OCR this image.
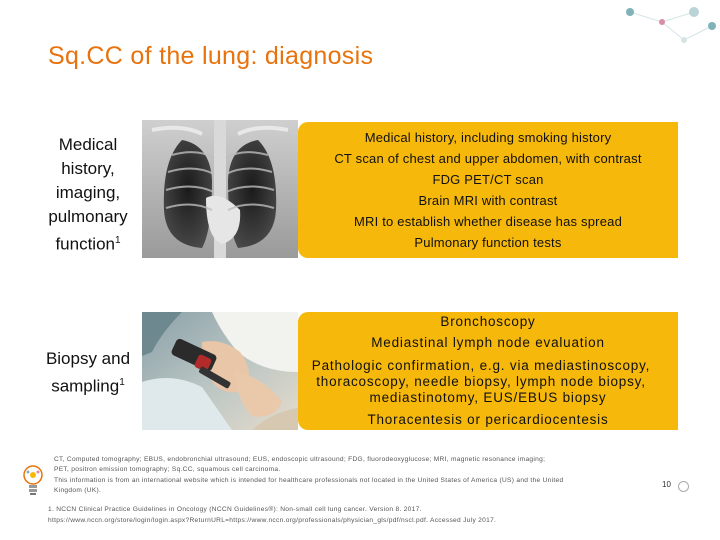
Sq.CC of the lung: diagnosis
Medical
history,
imaging,
pulmonary
function$^1$
Medical history, including smoking history
CT scan of chest and upper abdomen, with contrast
FDG PET/CT scan
Brain MRI with contrast
MRI to establish whether disease has spread
Pulmonary function tests
Biopsy and
sampling$^1$
Bronchoscopy
Mediastinal lymph node evaluation
Pathologic confirmation, e.g. via mediastinoscopy,
thoracoscopy, needle biopsy, lymph node biopsy,
mediastinotomy, EUS/EBUS biopsy
Thoracentesis or pericardiocentesis
CT, Computed tomography; EBUS, endobronchial ultrasound; EUS, endoscopic ultrasound; FDG, fluorodeoxyglucose; MRI, magnetic resonance imaging;
PET, positron emission tomography; Sq.CC, squamous cell carcinoma.
This information is from an international website which is intended for healthcare professionals not located in the United States of America (US) and the United
Kingdom (UK).
10
1. NCCN Clinical Practice Guidelines in Oncology (NCCN Guidelines®): Non-small cell lung cancer. Version 8. 2017.
https://www.nccn.org/store/login/login.aspx?ReturnURL=https://www.nccn.org/professionals/physician_gls/pdf/nscl.pdf. Accessed July 2017.
